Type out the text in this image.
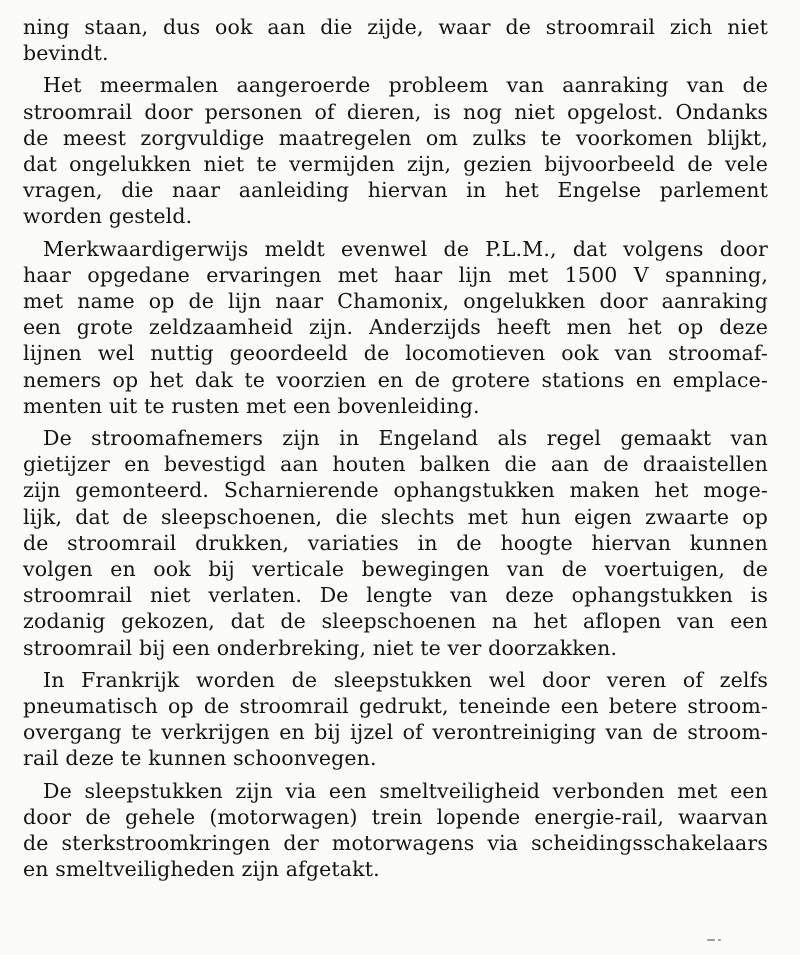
ning staan, dus ook aan die zijde, waar de stroomrail zich niet
bevindt.
Het meermalen aangeroerde probleem van aanraking van de
stroomrail door personen of dieren, is nog niet opgelost. Ondanks
de meest zorgvuldige maatregelen om zulks te voorkomen blijkt,
dat ongelukken niet te vermijden zijn, gezien bijvoorbeeld de vele
vragen, die naar aanleiding hiervan in het Engelse parlement
worden gesteld.
Merkwaardigerwijs meldt evenwel de P.L.M., dat volgens door
haar opgedane ervaringen met haar lijn met 1500 V spanning,
met name op de lijn naar Chamonix, ongelukken door aanraking
een grote zeldzaamheid zijn. Anderzijds heeft men het op deze
lijnen wel nuttig geoordeeld de locomotieven ook van stroomaf-
nemers op het dak te voorzien en de grotere stations en emplace-
menten uit te rusten met een bovenleiding.
De stroomafnemers zijn in Engeland als regel gemaakt van
gietijzer en bevestigd aan houten balken die aan de draaistellen
zijn gemonteerd. Scharnierende ophangstukken maken het moge-
lijk, dat de sleepschoenen, die slechts met hun eigen zwaarte op
de stroomrail drukken, variaties in de hoogte hiervan kunnen
volgen en ook bij verticale bewegingen van de voertuigen, de
stroomrail niet verlaten. De lengte van deze ophangstukken is
zodanig gekozen, dat de sleepschoenen na het aflopen van een
stroomrail bij een onderbreking, niet te ver doorzakken.
In Frankrijk worden de sleepstukken wel door veren of zelfs
pneumatisch op de stroomrail gedrukt, teneinde een betere stroom-
overgang te verkrijgen en bij ijzel of verontreiniging van de stroom-
rail deze te kunnen schoonvegen.
De sleepstukken zijn via een smeltveiligheid verbonden met een
door de gehele (motorwagen) trein lopende energie-rail, waarvan
de sterkstroomkringen der motorwagens via scheidingsschakelaars
en smeltveiligheden zijn afgetakt.
